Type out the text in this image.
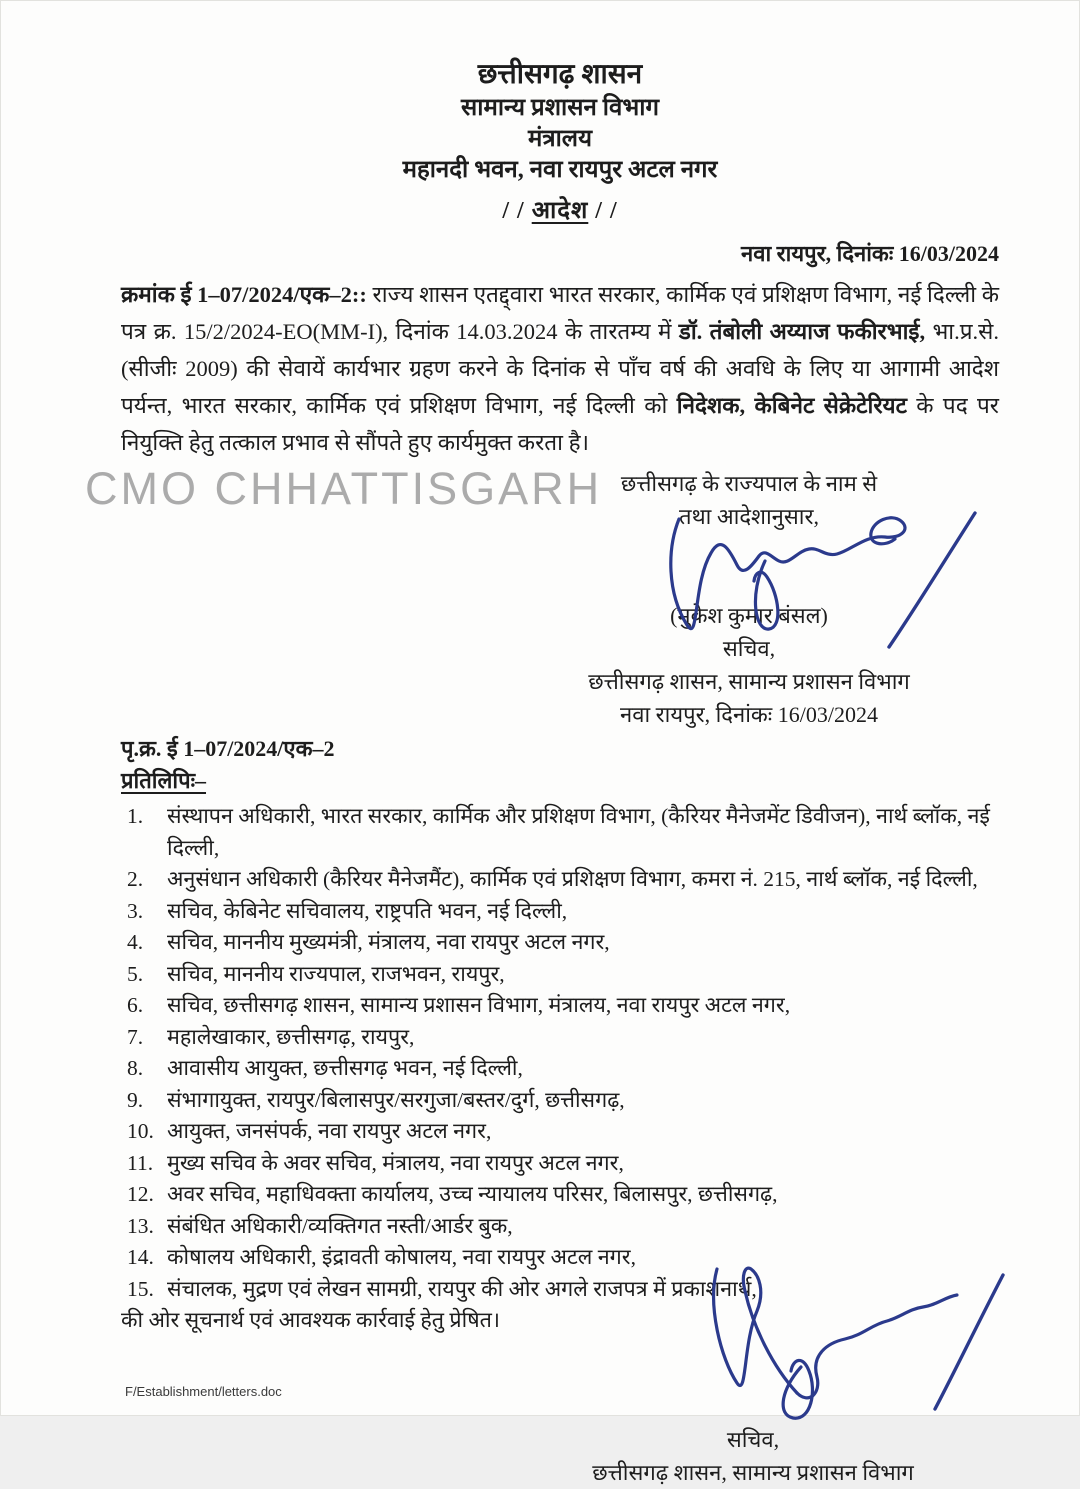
CMO CHHATTISGARH
छत्तीसगढ़ शासन
सामान्य प्रशासन विभाग
मंत्रालय
महानदी भवन, नवा रायपुर अटल नगर
/ / आदेश / /
नवा रायपुर, दिनांकः 16/03/2024

क्रमांक ई 1–07/2024/एक–2:: राज्य शासन एतद्द्वारा भारत सरकार, कार्मिक एवं प्रशिक्षण विभाग, नई दिल्ली के पत्र क्र. 15/2/2024-EO(MM-I), दिनांक 14.03.2024 के तारतम्य में डॉ. तंबोली अय्याज फकीरभाई, भा.प्र.से. (सीजीः 2009) की सेवायें कार्यभार ग्रहण करने के दिनांक से पाँच वर्ष की अवधि के लिए या आगामी आदेश पर्यन्त, भारत सरकार, कार्मिक एवं प्रशिक्षण विभाग, नई दिल्ली को निदेशक, केबिनेट सेक्रेटेरियट के पद पर नियुक्ति हेतु तत्काल प्रभाव से सौंपते हुए कार्यमुक्त करता है।

छत्तीसगढ़ के राज्यपाल के नाम से
तथा आदेशानुसार,
(मुकेश कुमार बंसल)
सचिव,
छत्तीसगढ़ शासन, सामान्य प्रशासन विभाग
नवा रायपुर, दिनांकः 16/03/2024
पृ.क्र. ई 1–07/2024/एक–2
प्रतिलिपिः–
1.	संस्थापन अधिकारी, भारत सरकार, कार्मिक और प्रशिक्षण विभाग, (कैरियर मैनेजमेंट डिवीजन), नार्थ ब्लॉक, नई दिल्ली,
2.	अनुसंधान अधिकारी (कैरियर मैनेजमैंट), कार्मिक एवं प्रशिक्षण विभाग, कमरा नं. 215, नार्थ ब्लॉक, नई दिल्ली,
3.	सचिव, केबिनेट सचिवालय, राष्ट्रपति भवन, नई दिल्ली,
4.	सचिव, माननीय मुख्यमंत्री, मंत्रालय, नवा रायपुर अटल नगर,
5.	सचिव, माननीय राज्यपाल, राजभवन, रायपुर,
6.	सचिव, छत्तीसगढ़ शासन, सामान्य प्रशासन विभाग, मंत्रालय, नवा रायपुर अटल नगर,
7.	महालेखाकार, छत्तीसगढ़, रायपुर,
8.	आवासीय आयुक्त, छत्तीसगढ़ भवन, नई दिल्ली,
9.	संभागायुक्त, रायपुर/बिलासपुर/सरगुजा/बस्तर/दुर्ग, छत्तीसगढ़,
10. आयुक्त, जनसंपर्क, नवा रायपुर अटल नगर,
11. मुख्य सचिव के अवर सचिव, मंत्रालय, नवा रायपुर अटल नगर,
12. अवर सचिव, महाधिवक्ता कार्यालय, उच्च न्यायालय परिसर, बिलासपुर, छत्तीसगढ़,
13. संबंधित अधिकारी/व्यक्तिगत नस्ती/आर्डर बुक,
14. कोषालय अधिकारी, इंद्रावती कोषालय, नवा रायपुर अटल नगर,
15. संचालक, मुद्रण एवं लेखन सामग्री, रायपुर की ओर अगले राजपत्र में प्रकाशनार्थ,
की ओर सूचनार्थ एवं आवश्यक कार्रवाई हेतु प्रेषित।
सचिव,
छत्तीसगढ़ शासन, सामान्य प्रशासन विभाग
F/Establishment/letters.doc
